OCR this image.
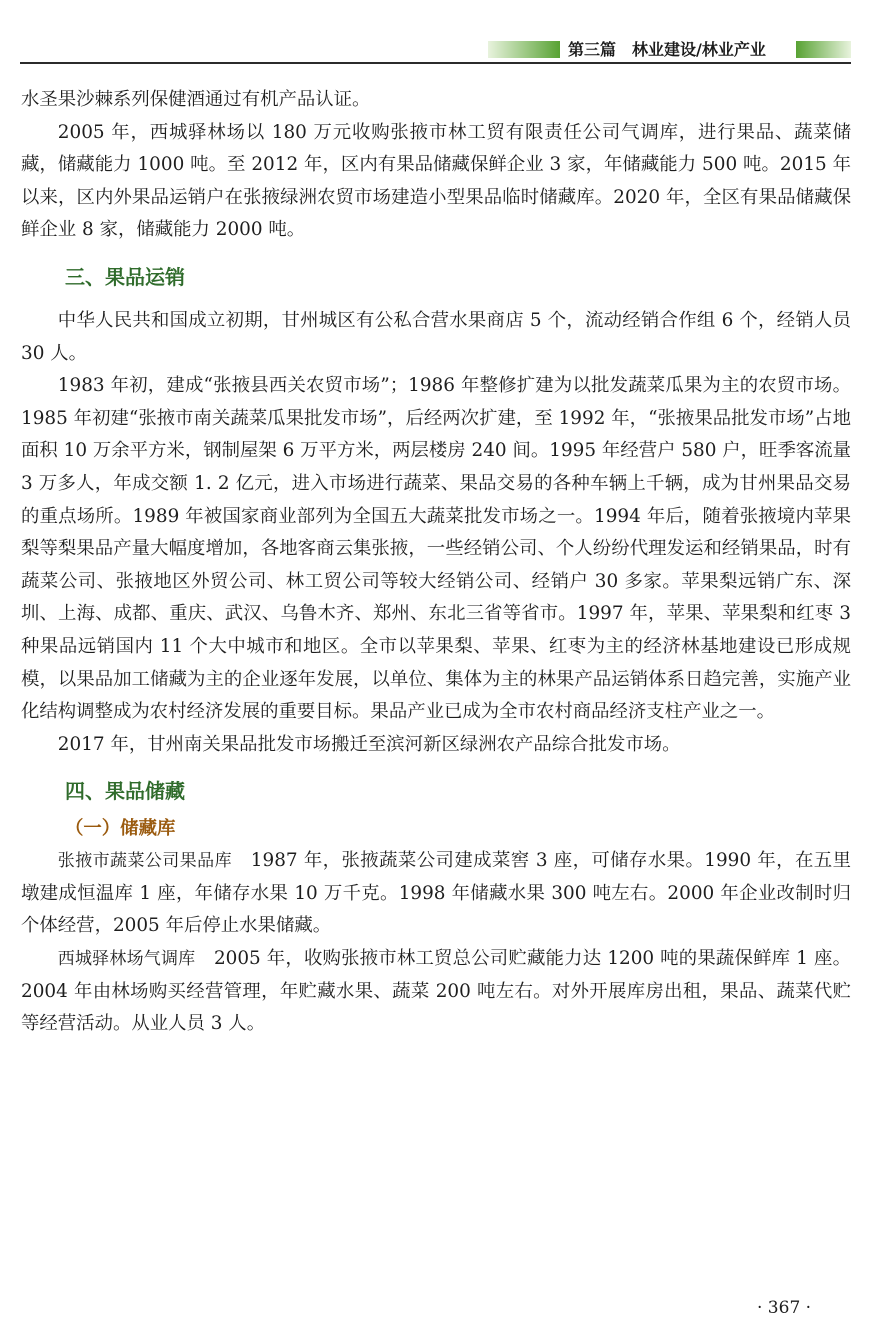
第三篇　林业建设/林业产业

水圣果沙棘系列保健酒通过有机产品认证。

2005 年，西城驿林场以 180 万元收购张掖市林工贸有限责任公司气调库，进行果品、蔬菜储藏，储藏能力 1000 吨。至 2012 年，区内有果品储藏保鲜企业 3 家，年储藏能力 500 吨。2015 年以来，区内外果品运销户在张掖绿洲农贸市场建造小型果品临时储藏库。2020 年，全区有果品储藏保鲜企业 8 家，储藏能力 2000 吨。

三、果品运销

中华人民共和国成立初期，甘州城区有公私合营水果商店 5 个，流动经销合作组 6 个，经销人员 30 人。

1983 年初，建成“张掖县西关农贸市场”；1986 年整修扩建为以批发蔬菜瓜果为主的农贸市场。1985 年初建“张掖市南关蔬菜瓜果批发市场”，后经两次扩建，至 1992 年，“张掖果品批发市场”占地面积 10 万余平方米，钢制屋架 6 万平方米，两层楼房 240 间。1995 年经营户 580 户，旺季客流量 3 万多人，年成交额 1. 2 亿元，进入市场进行蔬菜、果品交易的各种车辆上千辆，成为甘州果品交易的重点场所。1989 年被国家商业部列为全国五大蔬菜批发市场之一。1994 年后，随着张掖境内苹果梨等梨果品产量大幅度增加，各地客商云集张掖，一些经销公司、个人纷纷代理发运和经销果品，时有蔬菜公司、张掖地区外贸公司、林工贸公司等较大经销公司、经销户 30 多家。苹果梨远销广东、深圳、上海、成都、重庆、武汉、乌鲁木齐、郑州、东北三省等省市。1997 年，苹果、苹果梨和红枣 3 种果品远销国内 11 个大中城市和地区。全市以苹果梨、苹果、红枣为主的经济林基地建设已形成规模，以果品加工储藏为主的企业逐年发展，以单位、集体为主的林果产品运销体系日趋完善，实施产业化结构调整成为农村经济发展的重要目标。果品产业已成为全市农村商品经济支柱产业之一。

2017 年，甘州南关果品批发市场搬迁至滨河新区绿洲农产品综合批发市场。

四、果品储藏
（一）储藏库

张掖市蔬菜公司果品库　 1987 年，张掖蔬菜公司建成菜窖 3 座，可储存水果。1990 年，在五里墩建成恒温库 1 座，年储存水果 10 万千克。1998 年储藏水果 300 吨左右。2000 年企业改制时归个体经营，2005 年后停止水果储藏。

西城驿林场气调库　 2005 年，收购张掖市林工贸总公司贮藏能力达 1200 吨的果蔬保鲜库 1 座。2004 年由林场购买经营管理，年贮藏水果、蔬菜 200 吨左右。对外开展库房出租，果品、蔬菜代贮等经营活动。从业人员 3 人。

· 367 ·
